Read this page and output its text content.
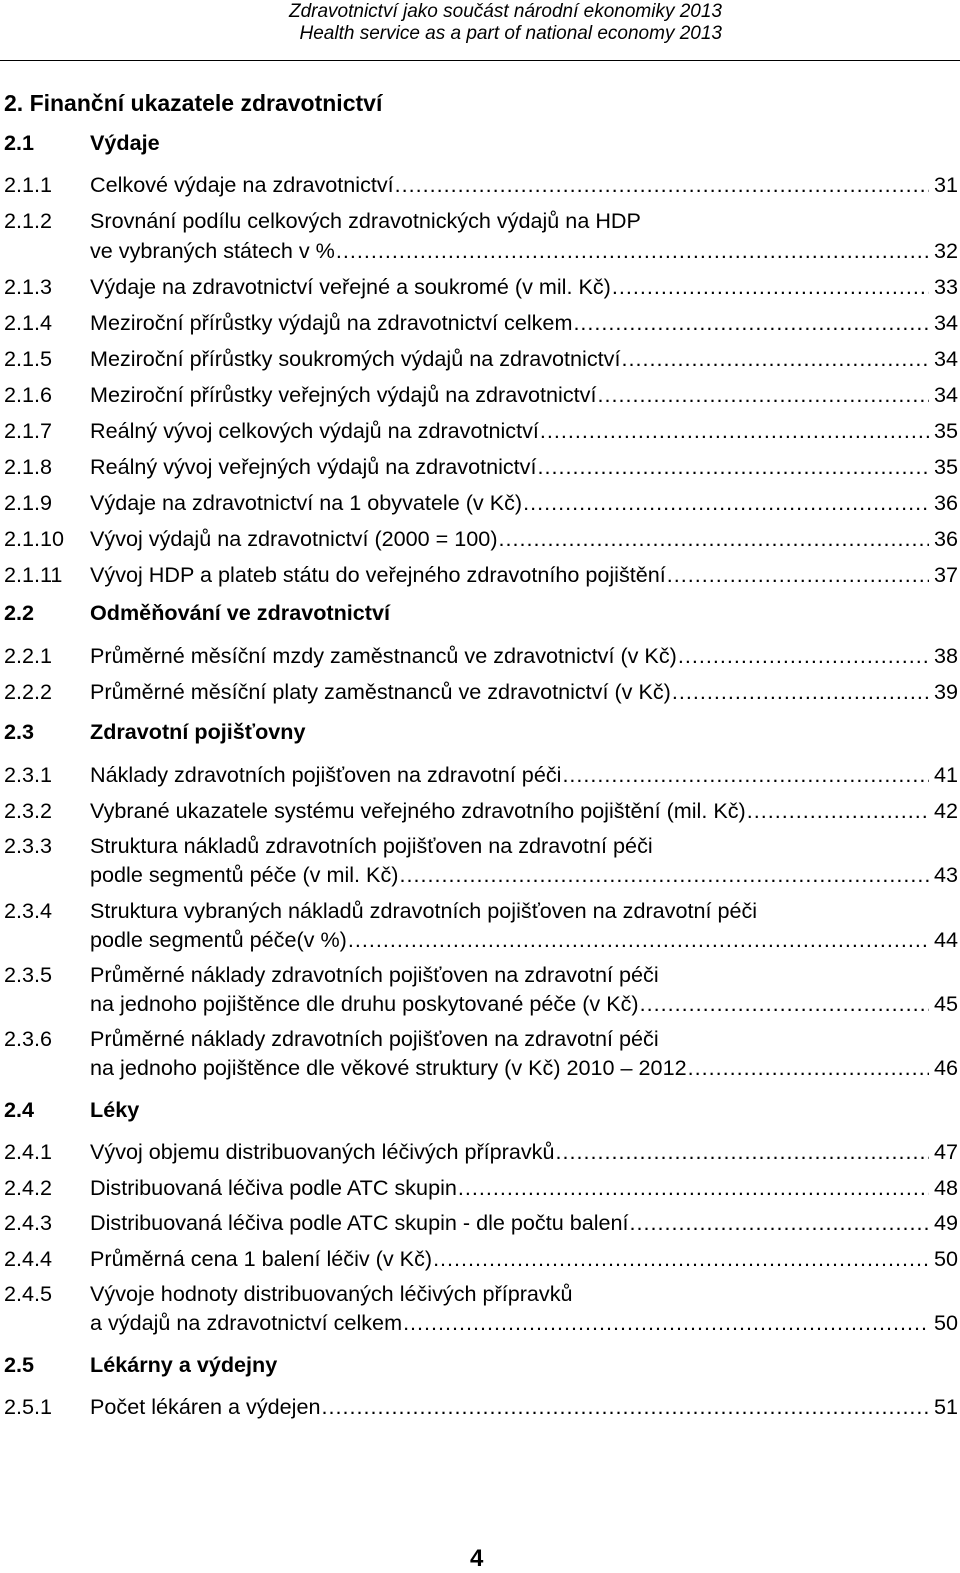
Zdravotnictví jako součást národní ekonomiky 2013
Health service as a part of national economy 2013
2. Finanční ukazatele zdravotnictví
2.1	Výdaje
2.1.1 Celkové výdaje na zdravotnictví .....	31
2.1.2 Srovnání podílu celkových zdravotnických výdajů na HDP
ve vybraných státech v % .....	32
2.1.3 Výdaje na zdravotnictví veřejné a soukromé (v mil. Kč) .....	33
2.1.4 Meziroční přírůstky výdajů na zdravotnictví celkem .....	34
2.1.5 Meziroční přírůstky soukromých výdajů na zdravotnictví .....	34
2.1.6 Meziroční přírůstky veřejných výdajů na zdravotnictví .....	34
2.1.7 Reálný vývoj celkových výdajů na zdravotnictví .....	35
2.1.8 Reálný vývoj veřejných výdajů na zdravotnictví .....	35
2.1.9 Výdaje na zdravotnictví na 1 obyvatele (v Kč) .....	36
2.1.10 Vývoj výdajů na zdravotnictví (2000 = 100) .....	36
2.1.11 Vývoj HDP a plateb státu do veřejného zdravotního pojištění .....	37
2.2	Odměňování ve zdravotnictví
2.2.1 Průměrné měsíční mzdy zaměstnanců ve zdravotnictví (v Kč) .....	38
2.2.2 Průměrné měsíční platy zaměstnanců ve zdravotnictví (v Kč) .....	39
2.3	Zdravotní pojišťovny
2.3.1 Náklady zdravotních pojišťoven na zdravotní péči .....	41
2.3.2 Vybrané ukazatele systému veřejného zdravotního pojištění (mil. Kč) .....	42
2.3.3 Struktura nákladů zdravotních pojišťoven na zdravotní péči
podle segmentů péče (v mil. Kč) .....	43
2.3.4 Struktura vybraných nákladů zdravotních pojišťoven na zdravotní péči
podle segmentů péče(v %) .....	44
2.3.5 Průměrné náklady zdravotních pojišťoven na zdravotní péči
na jednoho pojištěnce dle druhu poskytované péče (v Kč) .....	45
2.3.6 Průměrné náklady zdravotních pojišťoven na zdravotní péči
na jednoho pojištěnce dle věkové struktury (v Kč) 2010 – 2012 .....	46
2.4	Léky
2.4.1 Vývoj objemu distribuovaných léčivých přípravků .....	47
2.4.2 Distribuovaná léčiva podle ATC skupin .....	48
2.4.3 Distribuovaná léčiva podle ATC skupin - dle počtu balení .....	49
2.4.4 Průměrná cena 1 balení léčiv (v Kč) .....	50
2.4.5 Vývoje hodnoty distribuovaných léčivých přípravků
a výdajů na zdravotnictví celkem .....	50
2.5	Lékárny a výdejny
2.5.1 Počet lékáren a výdejen .....	51
4
